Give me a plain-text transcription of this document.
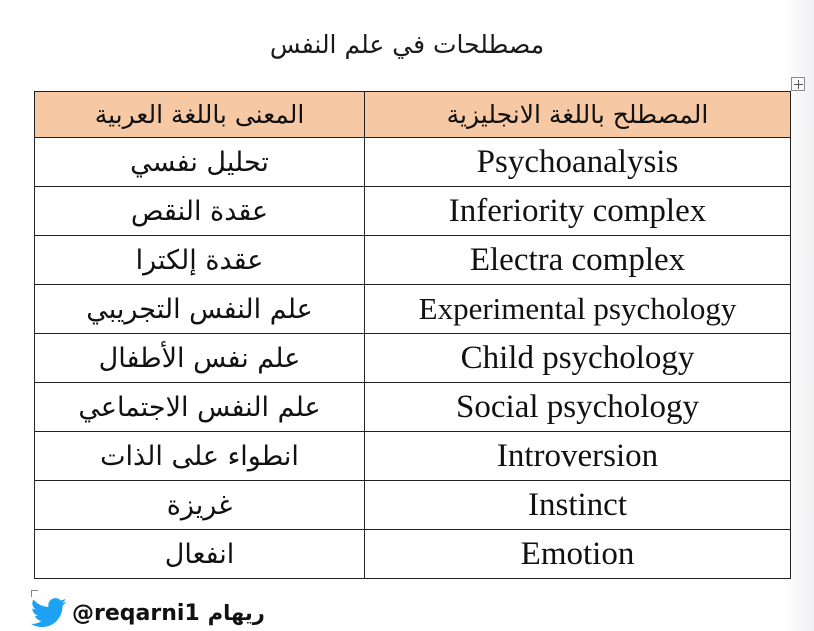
مصطلحات في علم النفس
المعنى باللغة العربية	المصطلح باللغة الانجليزية
تحليل نفسي	Psychoanalysis
عقدة النقص	Inferiority complex
عقدة إلكترا	Electra complex
علم النفس التجريبي	Experimental psychology
علم نفس الأطفال	Child psychology
علم النفس الاجتماعي	Social psychology
انطواء على الذات	Introversion
غريزة	Instinct
انفعال	Emotion
@reqarni1 ريهام
